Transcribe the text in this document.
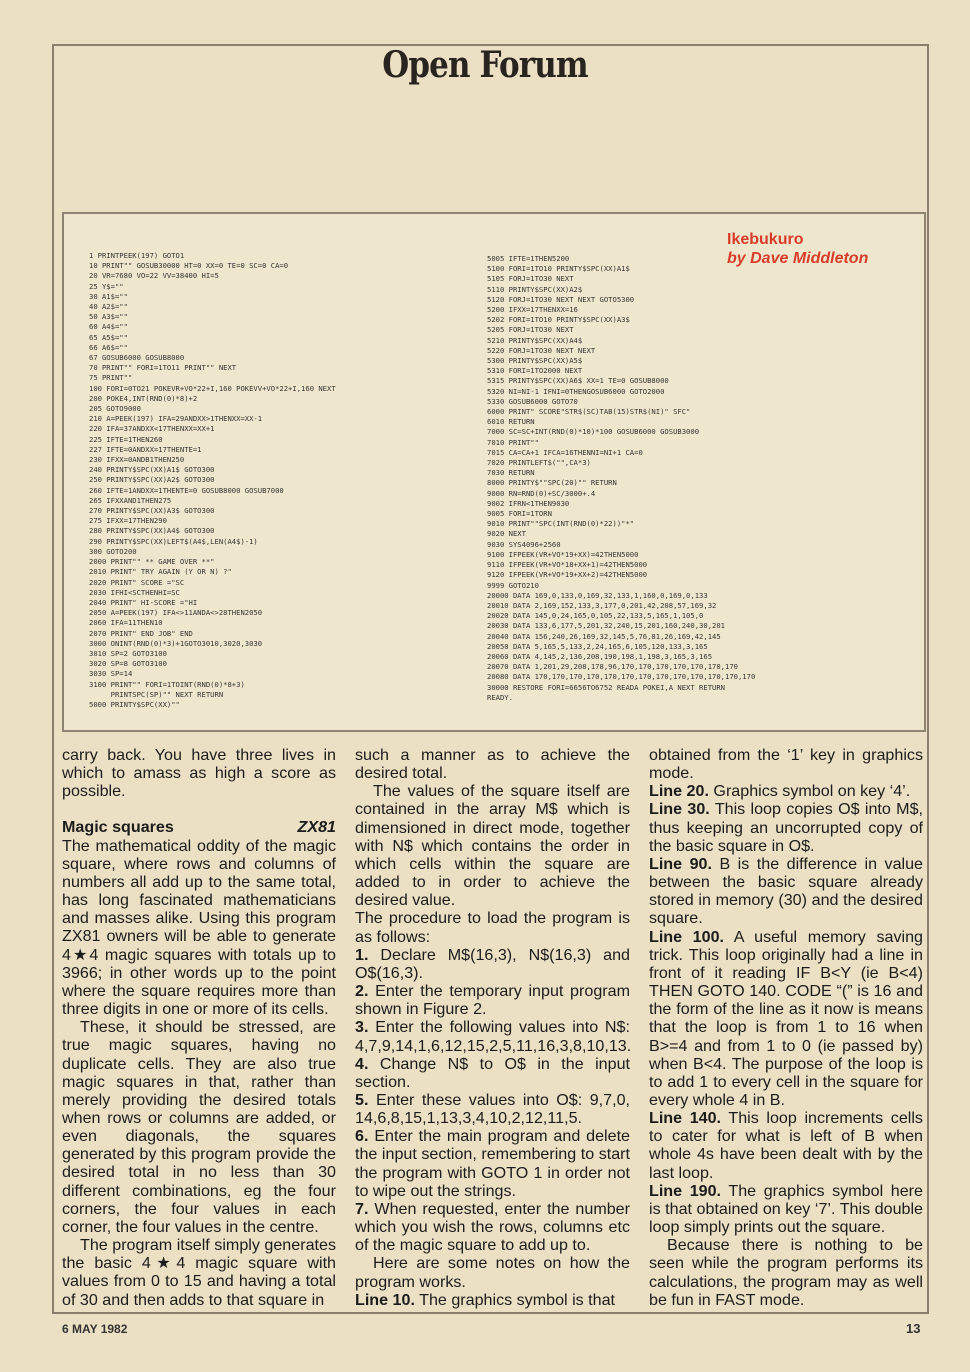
Open Forum
1 PRINTPEEK(197) GOTO1
10 PRINT"" GOSUB30000 HT=0 XX=0 TE=0 SC=0 CA=0
20 VR=7680 VO=22 VV=38400 HI=5
25 Y$=""
30 A1$=""
40 A2$=""
50 A3$=""
60 A4$=""
65 A5$=""
66 A6$=""
67 GOSUB6000 GOSUB8000
70 PRINT"" FORI=1TO11 PRINT"" NEXT
75 PRINT""
100 FORI=0TO21 POKEVR+VO*22+I,160 POKEVV+VO*22+I,160 NEXT
200 POKE4,INT(RND(0)*8)+2
205 GOTO9000
210 A=PEEK(197) IFA=29ANDXX>1THENXX=XX-1
220 IFA=37ANDXX<17THENXX=XX+1
225 IFTE=1THEN260
227 IFTE=0ANDXX=17THENTE=1
230 IFXX=0ANDB1THEN250
240 PRINTY$SPC(XX)A1$ GOTO300
250 PRINTY$SPC(XX)A2$ GOTO300
260 IFTE=1ANDXX=1THENTE=0 GOSUB8000 GOSUB7000
265 IFXXAND1THEN275
270 PRINTY$SPC(XX)A3$ GOTO300
275 IFXX=17THEN290
280 PRINTY$SPC(XX)A4$ GOTO300
290 PRINTY$SPC(XX)LEFT$(A4$,LEN(A4$)-1)
300 GOTO200
2000 PRINT"" ** GAME OVER **"
2010 PRINT" TRY AGAIN (Y OR N) ?"
2020 PRINT" SCORE ="SC
2030 IFHI<SCTHENHI=SC
2040 PRINT" HI-SCORE ="HI
2050 A=PEEK(197) IFA<>11ANDA<>28THEN2050
2060 IFA=11THEN10
2070 PRINT" END JOB" END
3000 ONINT(RND(0)*3)+1GOTO3010,3020,3030
3010 SP=2 GOTO3100
3020 SP=8 GOTO3100
3030 SP=14
3100 PRINT"" FORI=1TOINT(RND(0)*8+3)
PRINTSPC(SP)"" NEXT RETURN
5000 PRINTY$SPC(XX)""
5005 IFTE=1THEN5200
5100 FORI=1TO10 PRINTY$SPC(XX)A1$
5105 FORJ=1TO30 NEXT
5110 PRINTY$SPC(XX)A2$
5120 FORJ=1TO30 NEXT NEXT GOTO5300
5200 IFXX=17THENXX=16
5202 FORI=1TO10 PRINTY$SPC(XX)A3$
5205 FORJ=1TO30 NEXT
5210 PRINTY$SPC(XX)A4$
5220 FORJ=1TO30 NEXT NEXT
5300 PRINTY$SPC(XX)A5$
5310 FORI=1TO2000 NEXT
5315 PRINTY$SPC(XX)A6$ XX=1 TE=0 GOSUB8000
5320 NI=NI-1 IFNI=0THENGOSUB6000 GOTO2000
5330 GOSUB6000 GOTO70
6000 PRINT" SCORE"STR$(SC)TAB(15)STR$(NI)" SFC"
6010 RETURN
7000 SC=SC+INT(RND(0)*10)*100 GOSUB6000 GOSUB3000
7010 PRINT""
7015 CA=CA+1 IFCA=16THENNI=NI+1 CA=0
7020 PRINTLEFT$("",CA*3)
7030 RETURN
8000 PRINTY$""SPC(20)"" RETURN
9000 RN=RND(0)+SC/3000+.4
9002 IFRN<1THEN9030
9005 FORI=1TORN
9010 PRINT""SPC(INT(RND(0)*22))"*"
9020 NEXT
9030 SYS4096+2560
9100 IFPEEK(VR+VO*19+XX)=42THEN5000
9110 IFPEEK(VR+VO*18+XX+1)=42THEN5000
9120 IFPEEK(VR+VO*19+XX+2)=42THEN5000
9999 GOTO210
20000 DATA 169,0,133,0,169,32,133,1,160,0,169,0,133
20010 DATA 2,169,152,133,3,177,0,201,42,208,57,169,32
20020 DATA 145,0,24,165,0,105,22,133,5,165,1,105,0
20030 DATA 133,6,177,5,201,32,240,15,201,160,240,30,201
20040 DATA 156,240,26,169,32,145,5,76,81,26,169,42,145
20050 DATA 5,165,5,133,2,24,165,6,105,120,133,3,165
20060 DATA 4,145,2,136,208,190,198,1,198,3,165,3,165
20070 DATA 1,201,29,208,178,96,170,170,170,170,170,170,170
20080 DATA 170,170,170,170,170,170,170,170,170,170,170,170,170
30000 RESTORE FORI=6656TO6752 READA POKEI,A NEXT RETURN
READY.
Ikebukuro
by Dave Middleton

carry back. You have three lives in which to amass as high a score as possible.

Magic squares	ZX81

The mathematical oddity of the magic square, where rows and columns of numbers all add up to the same total, has long fascinated mathematicians and masses alike. Using this program ZX81 owners will be able to generate 4★4 magic squares with totals up to 3966; in other words up to the point where the square requires more than three digits in one or more of its cells.

These, it should be stressed, are true magic squares, having no duplicate cells. They are also true magic squares in that, rather than merely providing the desired totals when rows or columns are added, or even diagonals, the squares generated by this program provide the desired total in no less than 30 different combinations, eg the four corners, the four values in each corner, the four values in the centre.

The program itself simply generates the basic 4★4 magic square with values from 0 to 15 and having a total of 30 and then adds to that square in

such a manner as to achieve the desired total.

The values of the square itself are contained in the array M$ which is dimensioned in direct mode, together with N$ which contains the order in which cells within the square are added to in order to achieve the desired value.

The procedure to load the program is as follows:

1. Declare M$(16,3), N$(16,3) and O$(16,3).

2. Enter the temporary input program shown in Figure 2.

3. Enter the following values into N$: 4,7,9,14,1,6,12,15,2,5,11,16,3,8,10,13.

4. Change N$ to O$ in the input section.

5. Enter these values into O$: 9,7,0, 14,6,8,15,1,13,3,4,10,2,12,11,5.

6. Enter the main program and delete the input section, remembering to start the program with GOTO 1 in order not to wipe out the strings.

7. When requested, enter the number which you wish the rows, columns etc of the magic square to add up to.

Here are some notes on how the program works.

Line 10. The graphics symbol is that

obtained from the ‘1’ key in graphics mode.

Line 20. Graphics symbol on key ‘4’.

Line 30. This loop copies O$ into M$, thus keeping an uncorrupted copy of the basic square in O$.

Line 90. B is the difference in value between the basic square already stored in memory (30) and the desired square.

Line 100. A useful memory saving trick. This loop originally had a line in front of it reading IF B<Y (ie B<4) THEN GOTO 140. CODE “(” is 16 and the form of the line as it now is means that the loop is from 1 to 16 when B>=4 and from 1 to 0 (ie passed by) when B<4. The purpose of the loop is to add 1 to every cell in the square for every whole 4 in B.

Line 140. This loop increments cells to cater for what is left of B when whole 4s have been dealt with by the last loop.

Line 190. The graphics symbol here is that obtained on key ‘7’. This double loop simply prints out the square.

Because there is nothing to be seen while the program performs its calculations, the program may as well be fun in FAST mode.

6 MAY 1982	13
